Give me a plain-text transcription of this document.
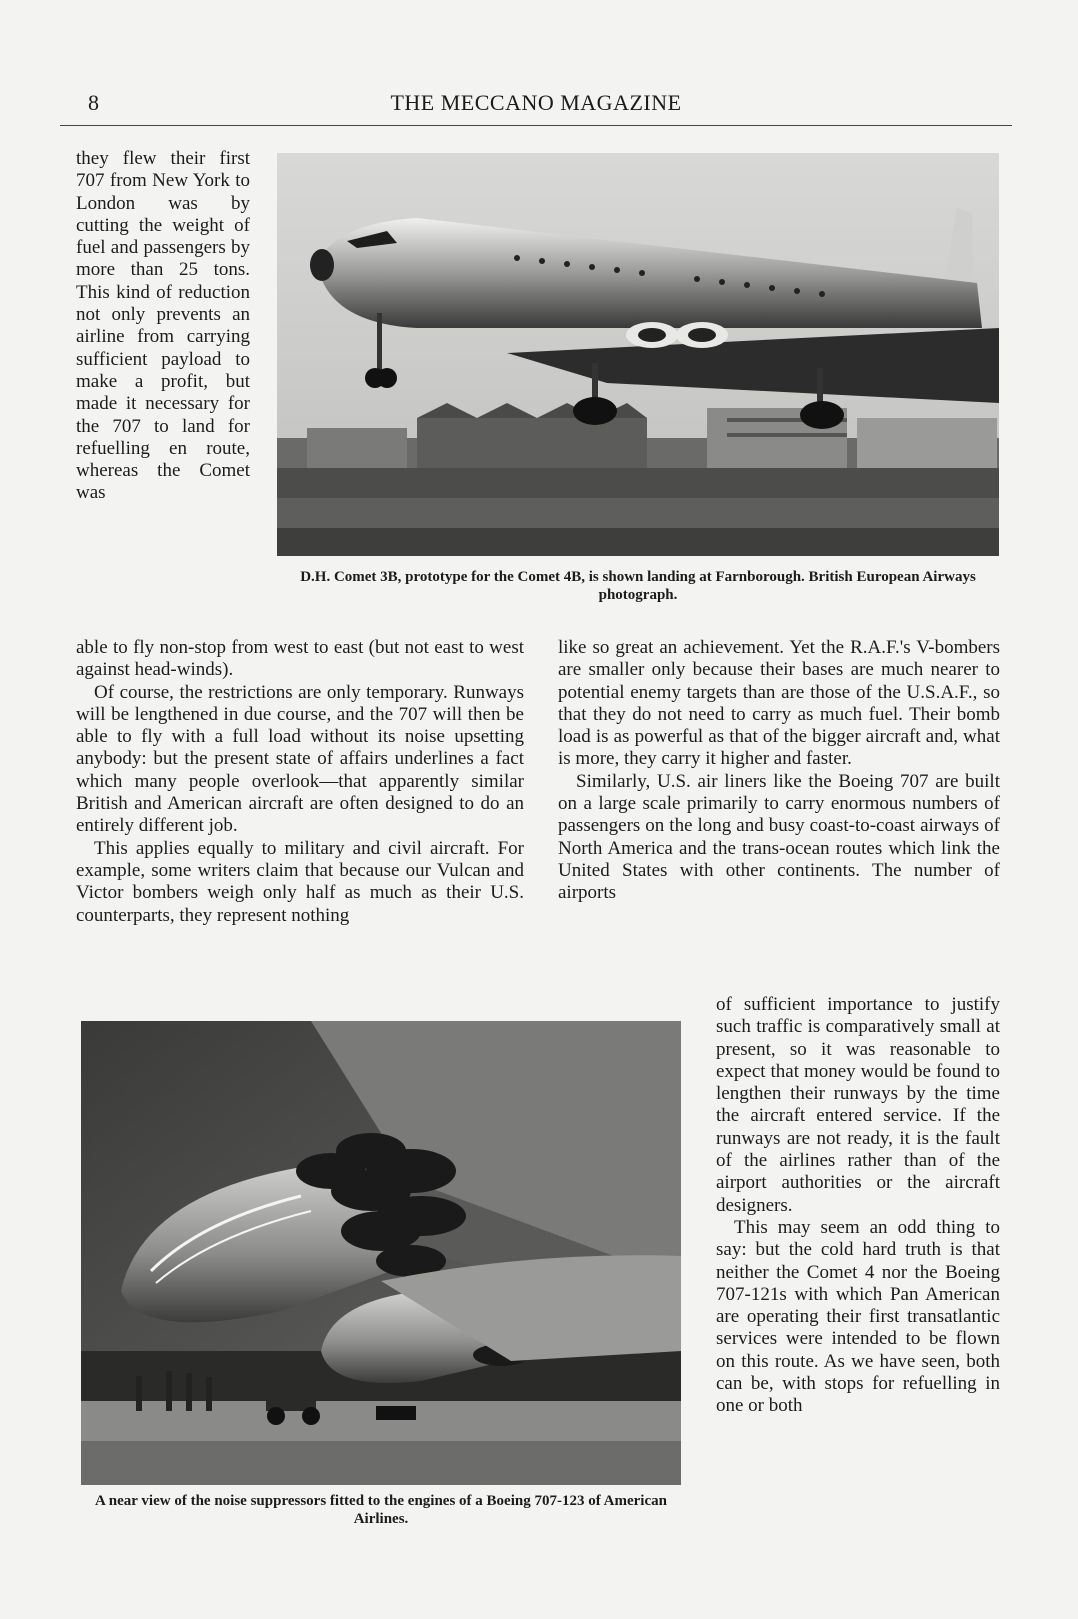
8	THE MECCANO MAGAZINE

they flew their first 707 from New York to London was by cutting the weight of fuel and passengers by more than 25 tons. This kind of reduction not only prevents an airline from carrying sufficient payload to make a profit, but made it necessary for the 707 to land for refuelling en route, whereas the Comet was

D.H. Comet 3B, prototype for the Comet 4B, is shown landing at Farnborough. British European Airways photograph.

able to fly non-stop from west to east (but not east to west against head-winds).

Of course, the restrictions are only temporary. Runways will be lengthened in due course, and the 707 will then be able to fly with a full load without its noise upsetting anybody: but the present state of affairs underlines a fact which many people overlook—that apparently similar British and American aircraft are often designed to do an entirely different job.

This applies equally to military and civil aircraft. For example, some writers claim that because our Vulcan and Victor bombers weigh only half as much as their U.S. counterparts, they represent nothing

like so great an achievement. Yet the R.A.F.'s V-bombers are smaller only because their bases are much nearer to potential enemy targets than are those of the U.S.A.F., so that they do not need to carry as much fuel. Their bomb load is as powerful as that of the bigger aircraft and, what is more, they carry it higher and faster.

Similarly, U.S. air liners like the Boeing 707 are built on a large scale primarily to carry enormous numbers of passengers on the long and busy coast-to-coast airways of North America and the trans-ocean routes which link the United States with other continents. The number of airports

A near view of the noise suppressors fitted to the engines of a Boeing 707-123 of American Airlines.

of sufficient importance to justify such traffic is comparatively small at present, so it was reasonable to expect that money would be found to lengthen their runways by the time the aircraft entered service. If the runways are not ready, it is the fault of the airlines rather than of the airport authorities or the aircraft designers.

This may seem an odd thing to say: but the cold hard truth is that neither the Comet 4 nor the Boeing 707-121s with which Pan American are operating their first transatlantic services were intended to be flown on this route. As we have seen, both can be, with stops for refuelling in one or both
